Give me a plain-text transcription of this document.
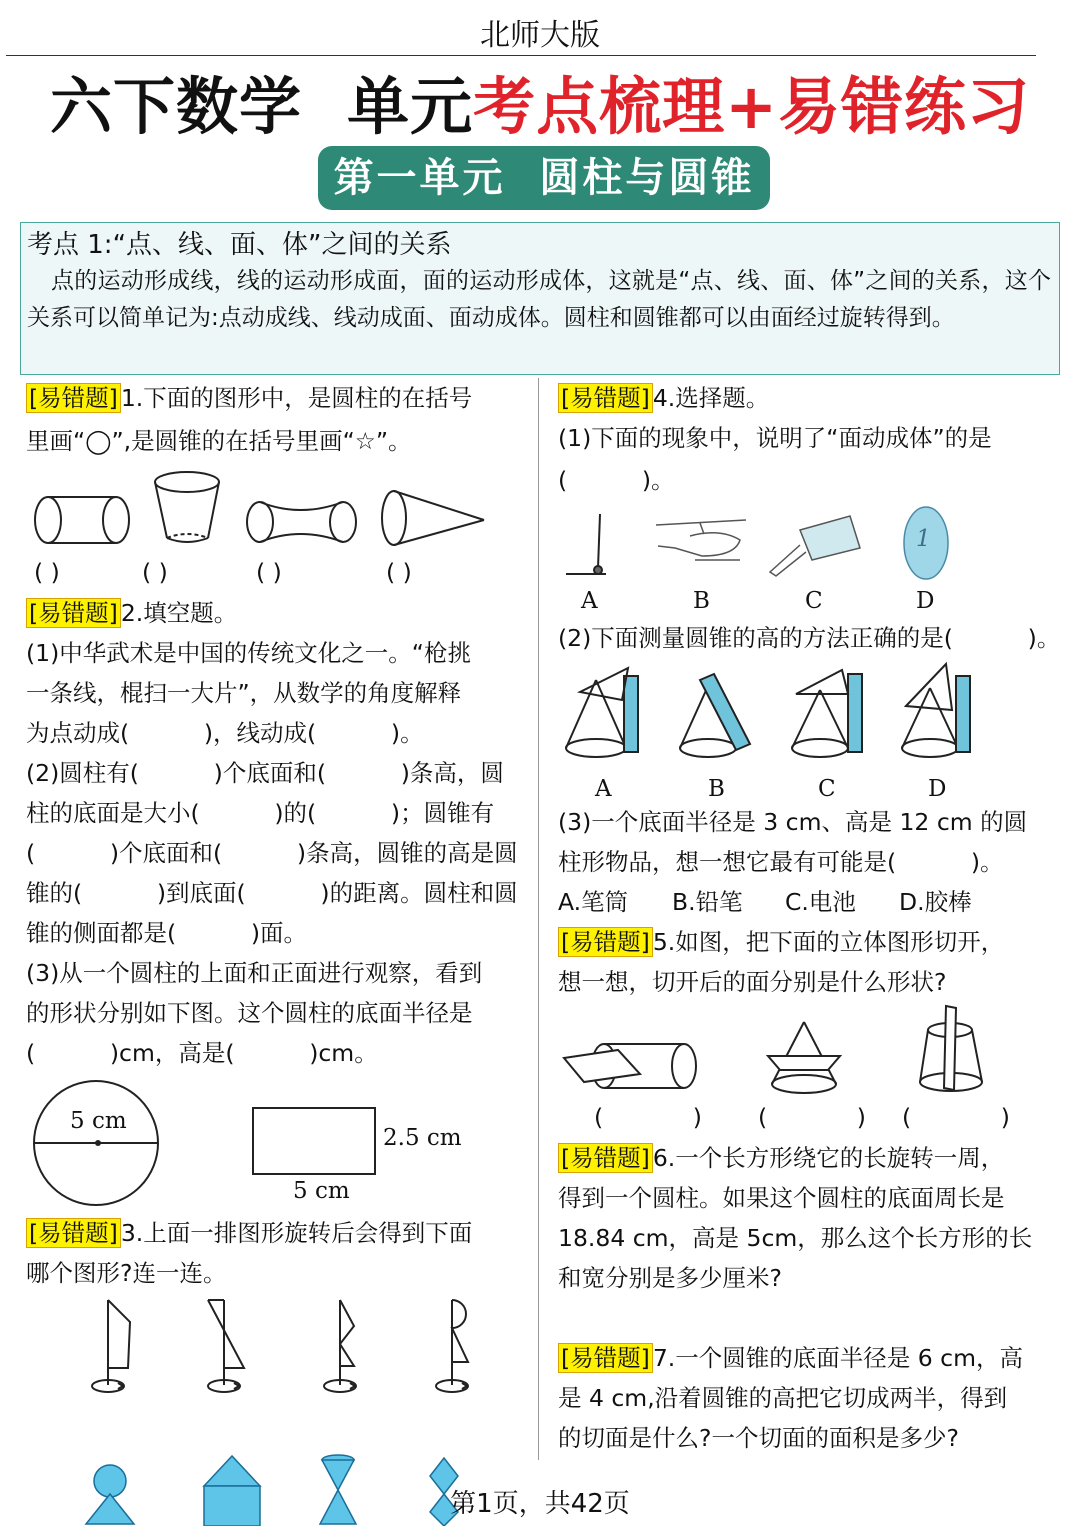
北师大版
六下数学  单元考点梳理+易错练习
第一单元  圆柱与圆锥
考点 1:“点、线、面、体”之间的关系
点的运动形成线，线的运动形成面，面的运动形成体，这就是“点、线、面、体”之间的关系，这个关系可以简单记为:点动成线、线动成面、面动成体。圆柱和圆锥都可以由面经过旋转得到。
[易错题] 1.下面的图形中，是圆柱的在括号
里画“◯”,是圆锥的在括号里画“☆”。
( )	( )	( )	( )
[易错题] 2.填空题。
(1)中华武术是中国的传统文化之一。“枪挑
一条线，棍扫一大片”，从数学的角度解释
为点动成(          )，线动成(          )。
(2)圆柱有(          )个底面和(          )条高，圆
柱的底面是大小(          )的(          )；圆锥有
(          )个底面和(          )条高，圆锥的高是圆
锥的(          )到底面(          )的距离。圆柱和圆
锥的侧面都是(          )面。
(3)从一个圆柱的上面和正面进行观察，看到
的形状分别如下图。这个圆柱的底面半径是
(          )cm，高是(          )cm。
5 cm
2.5 cm
5 cm
[易错题] 3.上面一排图形旋转后会得到下面
哪个图形?连一连。
[易错题] 4.选择题。
(1)下面的现象中，说明了“面动成体”的是
(          )。
1
A	B	C	D
(2)下面测量圆锥的高的方法正确的是(          )。
A	B	C	D
(3)一个底面半径是 3 cm、高是 12 cm 的圆
柱形物品，想一想它最有可能是(          )。
A.笔筒 B.铅笔 C.电池 D.胶棒
[易错题] 5.如图，把下面的立体图形切开，
想一想，切开后的面分别是什么形状?
(            ) (            ) (            )
[易错题] 6.一个长方形绕它的长旋转一周，
得到一个圆柱。如果这个圆柱的底面周长是
18.84 cm，高是 5cm，那么这个长方形的长
和宽分别是多少厘米?
[易错题] 7.一个圆锥的底面半径是 6 cm，高
是 4 cm,沿着圆锥的高把它切成两半，得到
的切面是什么?一个切面的面积是多少?
第1页，共42页
